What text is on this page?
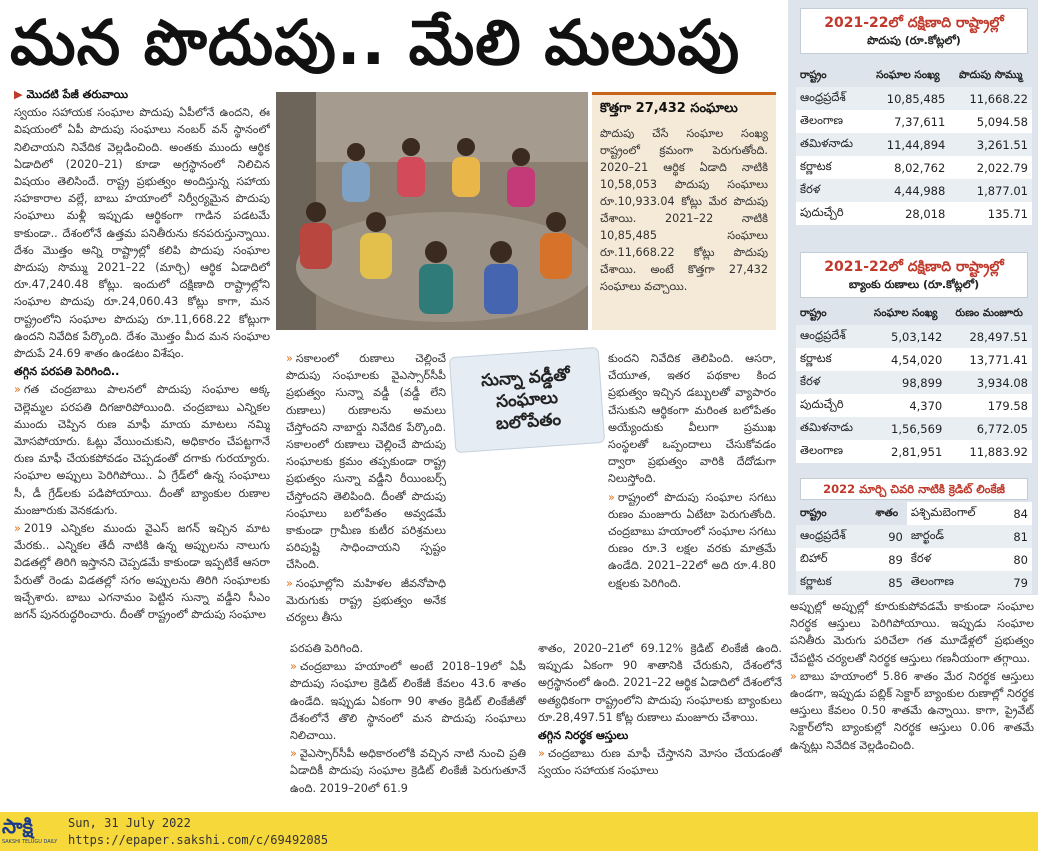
మన పొదుపు.. మేలి మలుపు

▶ మొదటి పేజీ తరువాయి

స్వయం సహాయక సంఘాల పొదుపు ఏపీలోనే ఉందని, ఈ విషయంలో ఏపీ పొదుపు సంఘాలు నంబర్ వన్ స్థానంలో నిలిచాయని నివేదిక వెల్లడించింది. అంతకు ముందు ఆర్థిక ఏడాదిలో (2020–21) కూడా అగ్రస్థానంలో నిలిచిన విషయం తెలిసిందే. రాష్ట్ర ప్రభుత్వం అందిస్తున్న సహాయ సహకారాల వల్లే, బాబు హయాంలో నిర్వీర్యమైన పొదుపు సంఘాలు మళ్లీ ఇప్పుడు ఆర్థికంగా గాడిన పడటమే కాకుండా.. దేశంలోనే ఉత్తమ పనితీరును కనపరుస్తున్నాయి. దేశం మొత్తం అన్ని రాష్ట్రాల్లో కలిపి పొదుపు సంఘాల పొదుపు సొమ్ము 2021–22 (మార్చి) ఆర్థిక ఏడాదిలో రూ.47,240.48 కోట్లు. ఇందులో దక్షిణాది రాష్ట్రాల్లోని సంఘాల పొదుపు రూ.24,060.43 కోట్లు కాగా, మన రాష్ట్రంలోని సంఘాల పొదుపు రూ.11,668.22 కోట్లుగా ఉందని నివేదిక పేర్కొంది. దేశం మొత్తం మీద మన సంఘాల పొదుపే 24.69 శాతం ఉండటం విశేషం.

తగ్గిన పరపతి పెరిగింది..

» గత చంద్రబాబు పాలనలో పొదుపు సంఘాల అక్క చెల్లెమ్మల పరపతి దిగజారిపోయింది. చంద్రబాబు ఎన్నికల ముందు చెప్పిన రుణ మాఫీ మాయ మాటలు నమ్మి మోసపోయారు. ఓట్లు వేయించుకుని, అధికారం చేపట్టగానే రుణ మాఫీ చేయకపోవడం చెప్పడంతో దగాకు గురయ్యారు. సంఘాల అప్పులు పెరిగిపోయి.. ఏ గ్రేడ్‌లో ఉన్న సంఘాలు సీ, డీ గ్రేడ్‌లకు పడిపోయాయి. దీంతో బ్యాంకుల రుణాల మంజూరుకు వెనకడుగు.

» 2019 ఎన్నికల ముందు వైఎస్ జగన్ ఇచ్చిన మాట మేరకు.. ఎన్నికల తేదీ నాటికి ఉన్న అప్పులను నాలుగు విడతల్లో తిరిగి ఇస్తానని చెప్పడమే కాకుండా ఇప్పటికే ఆసరా పేరుతో రెండు విడతల్లో సగం అప్పులను తిరిగి సంఘాలకు ఇచ్చేశారు. బాబు ఎగనామం పెట్టిన సున్నా వడ్డీని సీఎం జగన్ పునరుద్ధరించారు. దీంతో రాష్ట్రంలో పొదుపు సంఘాల

కొత్తగా 27,432 సంఘాలు
పొదుపు చేసే సంఘాల సంఖ్య రాష్ట్రంలో క్రమంగా పెరుగుతోంది. 2020–21 ఆర్థిక ఏడాది నాటికి 10,58,053 పొదుపు సంఘాలు రూ.10,933.04 కోట్లు మేర పొదుపు చేశాయి. 2021–22 నాటికి 10,85,485 సంఘాలు రూ.11,668.22 కోట్లు పొదుపు చేశాయి. అంటే కొత్తగా 27,432 సంఘాలు వచ్చాయి.

» సకాలంలో రుణాలు చెల్లించే పొదుపు సంఘాలకు వైఎస్సార్‌సీపీ ప్రభుత్వం సున్నా వడ్డీ (వడ్డీ లేని రుణాలు) రుణాలను అమలు చేస్తోందని నాబార్డు నివేదిక పేర్కొంది. సకాలంలో రుణాలు చెల్లించే పొదుపు సంఘాలకు క్రమం తప్పకుండా రాష్ట్ర ప్రభుత్వం సున్నా వడ్డీని రీయింబర్స్ చేస్తోందని తెలిపింది. దీంతో పొదుపు సంఘాలు బలోపేతం అవ్వడమే కాకుండా గ్రామీణ కుటీర పరిశ్రమలు పరిపుష్టి సాధించాయని స్పష్టం చేసింది.

» సంఘాల్లోని మహిళల జీవనోపాధి మెరుగుకు రాష్ట్ర ప్రభుత్వం అనేక చర్యలు తీసు

సున్నా వడ్డీతో
సంఘాలు
బలోపేతం

కుందని నివేదిక తెలిపింది. ఆసరా, చేయూత, ఇతర పథకాల కింద ప్రభుత్వం ఇచ్చిన డబ్బులతో వ్యాపారం చేసుకుని ఆర్థికంగా మరింత బలోపేతం అయ్యేందుకు వీలుగా ప్రముఖ సంస్థలతో ఒప్పందాలు చేసుకోవడం ద్వారా ప్రభుత్వం వారికి దేదోడుగా నిలుస్తోంది.

» రాష్ట్రంలో పొదుపు సంఘాల సగటు రుణం మంజూరు ఏటేటా పెరుగుతోంది. చంద్రబాబు హయాంలో సంఘాల సగటు రుణం రూ.3 లక్షల వరకు మాత్రమే ఉండేది. 2021–22లో అది రూ.4.80 లక్షలకు పెరిగింది.

పరపతి పెరిగింది.

» చంద్రబాబు హయాంలో అంటే 2018–19లో ఏపీ పొదుపు సంఘాల క్రెడిట్ లింకేజీ కేవలం 43.6 శాతం ఉండేది. ఇప్పుడు ఏకంగా 90 శాతం క్రెడిట్ లింకేజీతో దేశంలోనే తొలి స్థానంలో మన పొదుపు సంఘాలు నిలిచాయి.

» వైఎస్సార్‌సీపీ అధికారంలోకి వచ్చిన నాటి నుంచి ప్రతి ఏడాదికీ పొదుపు సంఘాల క్రెడిట్ లింకేజీ పెరుగుతూనే ఉంది. 2019–20లో 61.9

శాతం, 2020–21లో 69.12% క్రెడిట్ లింకేజీ ఉంది. ఇప్పుడు ఏకంగా 90 శాతానికి చేరుకుని, దేశంలోనే అగ్రస్థానంలో ఉంది. 2021–22 ఆర్థిక ఏడాదిలో దేశంలోనే అత్యధికంగా రాష్ట్రంలోని పొదుపు సంఘాలకు బ్యాంకులు రూ.28,497.51 కోట్ల రుణాలు మంజూరు చేశాయి.

తగ్గిన నిరర్థక ఆస్తులు

» చంద్రబాబు రుణ మాఫీ చేస్తానని మోసం చేయడంతో స్వయం సహాయక సంఘాలు

అప్పుల్లో అప్పుల్లో కూరుకుపోవడమే కాకుండా సంఘాల నిరర్థక ఆస్తులు పెరిగిపోయాయి. ఇప్పుడు సంఘాల పనితీరు మెరుగు పరిచేలా గత మూడేళ్లలో ప్రభుత్వం చేపట్టిన చర్యలతో నిరర్థక ఆస్తులు గణనీయంగా తగ్గాయి.

» బాబు హయాంలో 5.86 శాతం మేర నిరర్థక ఆస్తులు ఉండగా, ఇప్పుడు పబ్లిక్ సెక్టార్ బ్యాంకుల రుణాల్లో నిరర్థక ఆస్తులు కేవలం 0.50 శాతమే ఉన్నాయి. కాగా, ప్రైవేట్ సెక్టార్‌లోని బ్యాంకుల్లో నిరర్థక ఆస్తులు 0.06 శాతమే ఉన్నట్లు నివేదిక వెల్లడించింది.

2021-22లో దక్షిణాది రాష్ట్రాల్లో
పొదుపు (రూ.కోట్లలో)
రాష్ట్రం	సంఘాల సంఖ్య	పొదుపు సొమ్ము
ఆంధ్రప్రదేశ్	10,85,485	11,668.22
తెలంగాణ	7,37,611	5,094.58
తమిళనాడు	11,44,894	3,261.51
కర్ణాటక	8,02,762	2,022.79
కేరళ	4,44,988	1,877.01
పుదుచ్చేరి	28,018	135.71
2021-22లో దక్షిణాది రాష్ట్రాల్లో
బ్యాంకు రుణాలు (రూ.కోట్లలో)
రాష్ట్రం	సంఘాల సంఖ్య	రుణం మంజూరు
ఆంధ్రప్రదేశ్	5,03,142	28,497.51
కర్ణాటక	4,54,020	13,771.41
కేరళ	98,899	3,934.08
పుదుచ్చేరి	4,370	179.58
తమిళనాడు	1,56,569	6,772.05
తెలంగాణ	2,81,951	11,883.92
2022 మార్చి చివరి నాటికి క్రెడిట్ లింకేజీ
రాష్ట్రం	శాతం	పశ్చిమబెంగాల్	84
ఆంధ్రప్రదేశ్	90	జార్ఖండ్	81
బిహార్	89	కేరళ	80
కర్ణాటక	85	తెలంగాణ	79
సాక్షి
SAKSHI TELUGU DAILY
Sun, 31 July 2022
https://epaper.sakshi.com/c/69492085
